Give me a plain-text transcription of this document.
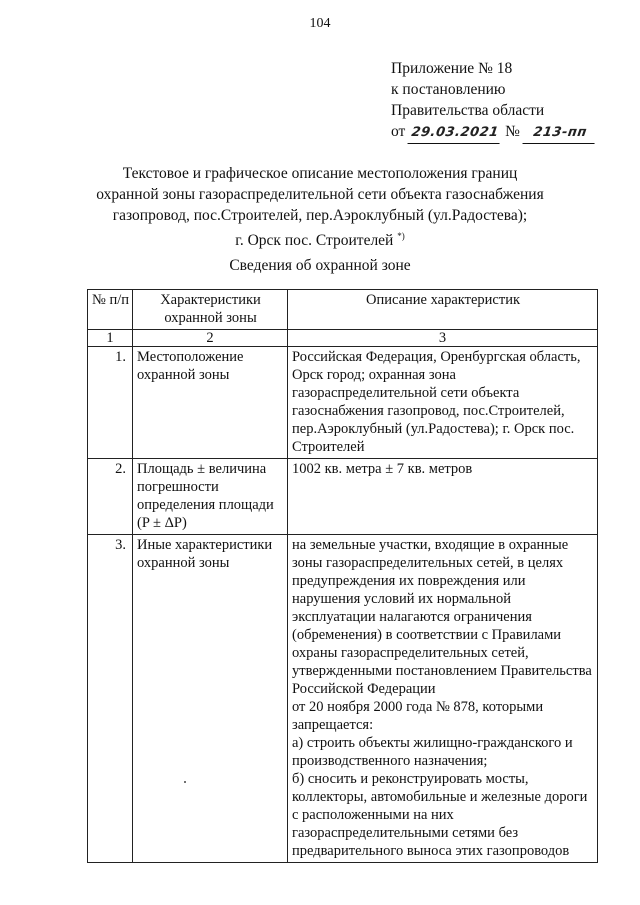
104
Приложение № 18
к постановлению
Правительства области
от 29.03.2021 № 213-пп
Текстовое и графическое описание местоположения границ
охранной зоны газораспределительной сети объекта газоснабжения
газопровод, пос.Строителей, пер.Аэроклубный (ул.Радостева);
г. Орск пос. Строителей *)
Сведения об охранной зоне
№ п/п	Характеристики охранной зоны	Описание характеристик
1	2	3
1.	Местоположение охранной зоны	Российская Федерация, Оренбургская область, Орск город; охранная зона газораспределительной сети объекта газоснабжения газопровод, пос.Строителей, пер.Аэроклубный (ул.Радостева); г. Орск пос. Строителей
2.	Площадь ± величина погрешности определения площади (P ± ΔP)	1002 кв. метра ± 7 кв. метров
3.	Иные характеристики охранной зоны	на земельные участки, входящие в охранные зоны газораспределительных сетей, в целях предупреждения их повреждения или нарушения условий их нормальной эксплуатации налагаются ограничения (обременения) в соответствии с Правилами охраны газораспределительных сетей, утвержденными постановлением Правительства Российской Федерации
от 20 ноября 2000 года № 878, которыми запрещается:
а) строить объекты жилищно-гражданского и производственного назначения;
б) сносить и реконструировать мосты, коллекторы, автомобильные и железные дороги с расположенными на них газораспределительными сетями без предварительного выноса этих газопроводов
